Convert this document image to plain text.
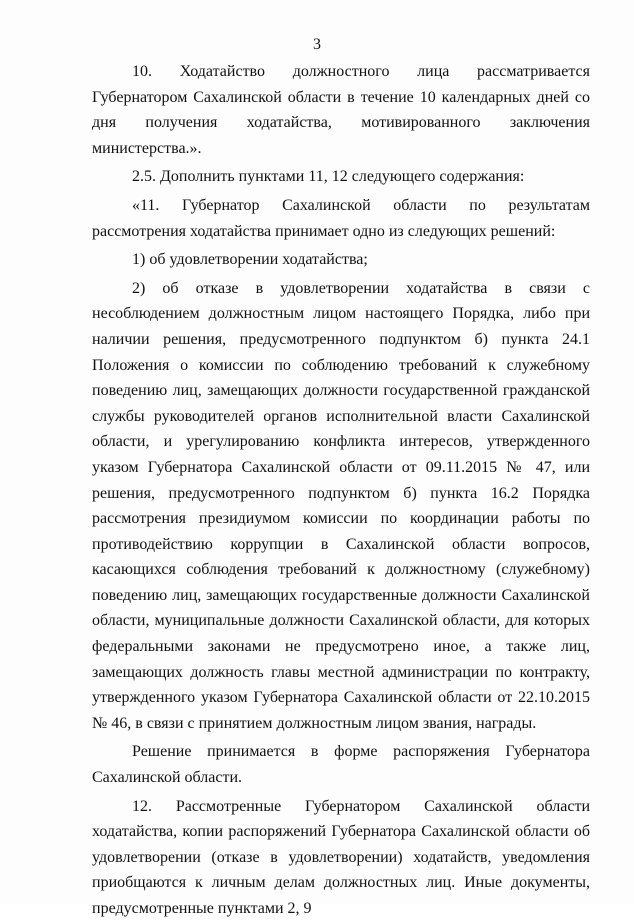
3

10. Ходатайство должностного лица рассматривается Губернатором Сахалинской области в течение 10 календарных дней со дня получения ходатайства, мотивированного заключения министерства.».

2.5. Дополнить пунктами 11, 12 следующего содержания:

«11. Губернатор Сахалинской области по результатам рассмотрения ходатайства принимает одно из следующих решений:

1) об удовлетворении ходатайства;

2) об отказе в удовлетворении ходатайства в связи с несоблюдением должностным лицом настоящего Порядка, либо при наличии решения, предусмотренного подпунктом б) пункта 24.1 Положения о комиссии по соблюдению требований к служебному поведению лиц, замещающих должности государственной гражданской службы руководителей органов исполнительной власти Сахалинской области, и урегулированию конфликта интересов, утвержденного указом Губернатора Сахалинской области от 09.11.2015 № 47, или решения, предусмотренного подпунктом б) пункта 16.2 Порядка рассмотрения президиумом комиссии по координации работы по противодействию коррупции в Сахалинской области вопросов, касающихся соблюдения требований к должностному (служебному) поведению лиц, замещающих государственные должности Сахалинской области, муниципальные должности Сахалинской области, для которых федеральными законами не предусмотрено иное, а также лиц, замещающих должность главы местной администрации по контракту, утвержденного указом Губернатора Сахалинской области от 22.10.2015 № 46, в связи с принятием должностным лицом звания, награды.

Решение принимается в форме распоряжения Губернатора Сахалинской области.

12. Рассмотренные Губернатором Сахалинской области ходатайства, копии распоряжений Губернатора Сахалинской области об удовлетворении (отказе в удовлетворении) ходатайств, уведомления приобщаются к личным делам должностных лиц. Иные документы, предусмотренные пунктами 2, 9
